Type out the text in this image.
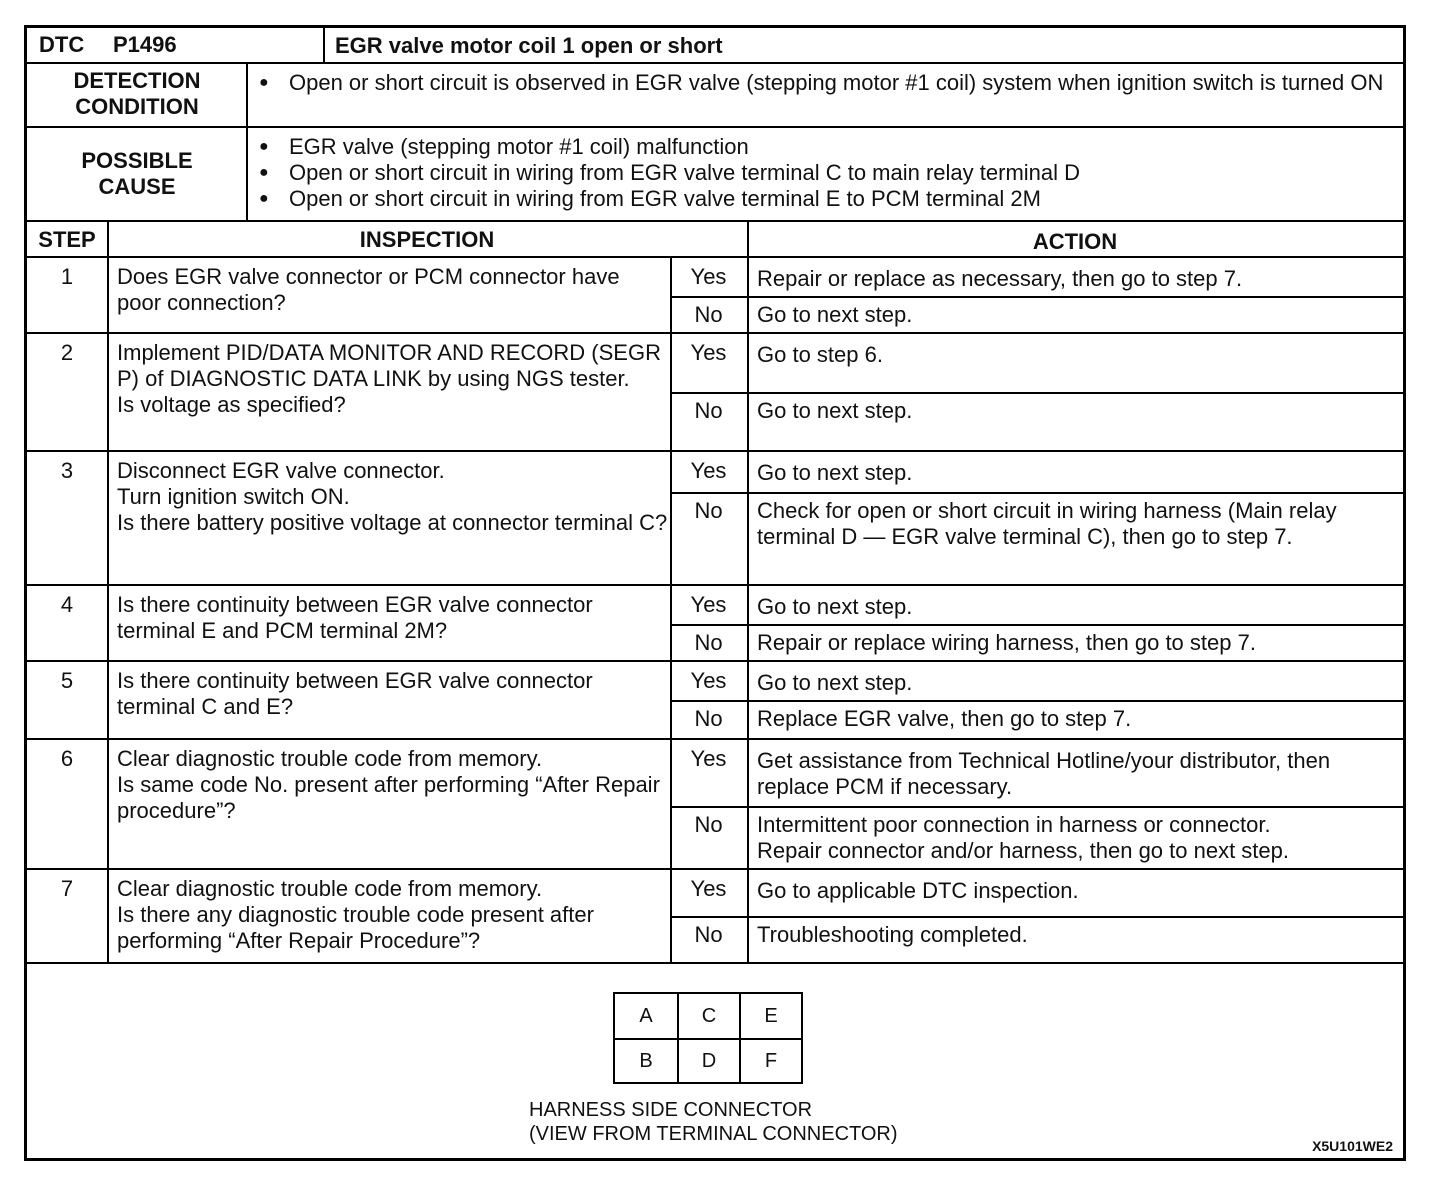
DTC P1496	EGR valve motor coil 1 open or short
DETECTION
CONDITION
● Open or short circuit is observed in EGR valve (stepping motor #1 coil) system when ignition switch is turned ON
POSSIBLE
CAUSE
● EGR valve (stepping motor #1 coil) malfunction
● Open or short circuit in wiring from EGR valve terminal C to main relay terminal D
● Open or short circuit in wiring from EGR valve terminal E to PCM terminal 2M
STEP	INSPECTION	ACTION
1	Does EGR valve connector or PCM connector have poor connection?
Yes	Repair or replace as necessary, then go to step 7.
No	Go to next step.
2	Implement PID/DATA MONITOR AND RECORD (SEGR P) of DIAGNOSTIC DATA LINK by using NGS tester.
Is voltage as specified?
Yes	Go to step 6.
No	Go to next step.
3	Disconnect EGR valve connector.
Turn ignition switch ON.
Is there battery positive voltage at connector terminal C?
Yes	Go to next step.
No	Check for open or short circuit in wiring harness (Main relay terminal D — EGR valve terminal C), then go to step 7.
4	Is there continuity between EGR valve connector terminal E and PCM terminal 2M?
Yes	Go to next step.
No	Repair or replace wiring harness, then go to step 7.
5	Is there continuity between EGR valve connector terminal C and E?
Yes	Go to next step.
No	Replace EGR valve, then go to step 7.
6	Clear diagnostic trouble code from memory.
Is same code No. present after performing “After Repair procedure”?
Yes	Get assistance from Technical Hotline/your distributor, then replace PCM if necessary.
No	Intermittent poor connection in harness or connector.
Repair connector and/or harness, then go to next step.
7	Clear diagnostic trouble code from memory.
Is there any diagnostic trouble code present after performing “After Repair Procedure”?
Yes	Go to applicable DTC inspection.
No	Troubleshooting completed.
A	C	E
B	D	F
HARNESS SIDE CONNECTOR
(VIEW FROM TERMINAL CONNECTOR)
X5U101WE2
